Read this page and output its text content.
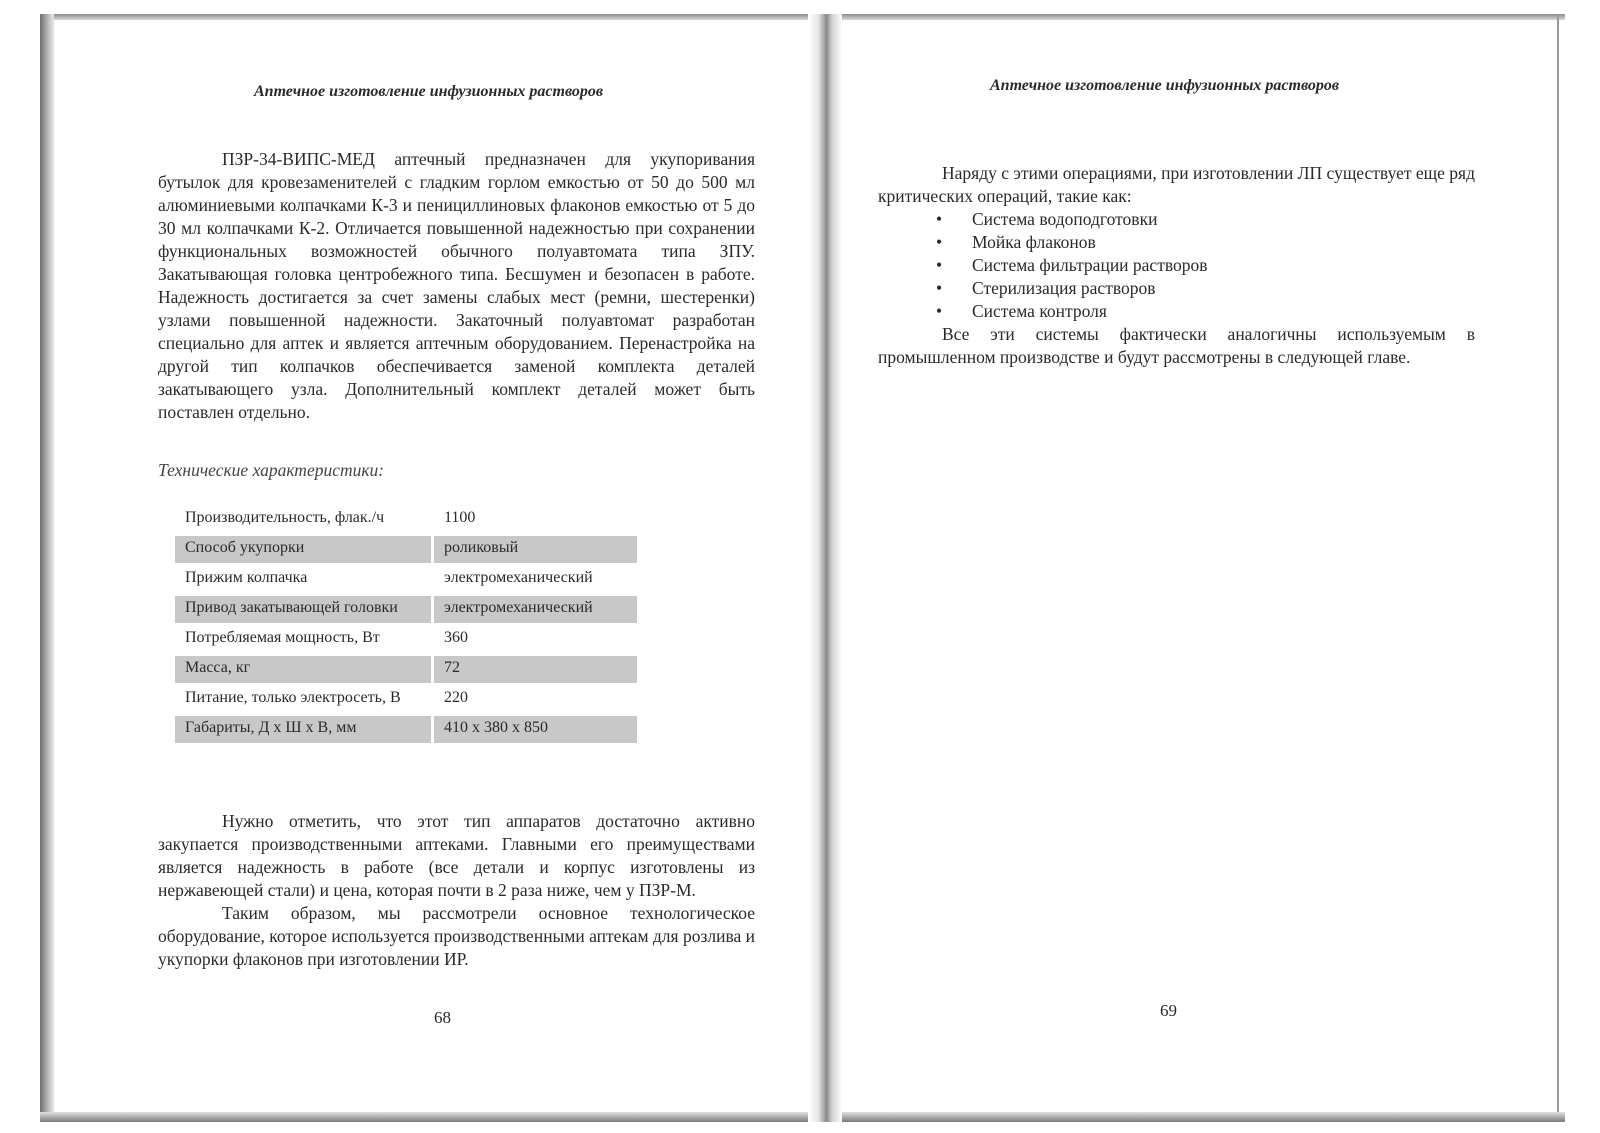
Аптечное изготовление инфузионных растворов

ПЗР-34-ВИПС-МЕД аптечный предназначен для укупоривания бутылок для кровезаменителей с гладким горлом емкостью от 50 до 500 мл алюминиевыми колпачками К-3 и пенициллиновых флаконов емкостью от 5 до 30 мл колпачками К-2. Отличается повышенной надежностью при сохранении функциональных возможностей обычного полуавтомата типа ЗПУ. Закатывающая головка центробежного типа. Бесшумен и безопасен в работе. Надежность достигается за счет замены слабых мест (ремни, шестеренки) узлами повышенной надежности. Закаточный полуавтомат разработан специально для аптек и является аптечным оборудованием. Перенастройка на другой тип колпачков обеспечивается заменой комплекта деталей закатывающего узла. Дополнительный комплект деталей может быть поставлен отдельно.

Технические характеристики:
Производительность, флак./ч	1100
Способ укупорки	роликовый
Прижим колпачка	электромеханический
Привод закатывающей головки	электромеханический
Потребляемая мощность, Вт	360
Масса, кг	72
Питание, только электросеть, В	220
Габариты, Д х Ш х В, мм	410 х 380 х 850

Нужно отметить, что этот тип аппаратов достаточно активно закупается производственными аптеками. Главными его преимуществами является надежность в работе (все детали и корпус изготовлены из нержавеющей стали) и цена, которая почти в 2 раза ниже, чем у ПЗР-М.

Таким образом, мы рассмотрели основное технологическое оборудование, которое используется производственными аптекам для розлива и укупорки флаконов при изготовлении ИР.

68
Аптечное изготовление инфузионных растворов

Наряду с этими операциями, при изготовлении ЛП существует еще ряд критических операций, такие как:

• Система водоподготовки
• Мойка флаконов
• Система фильтрации растворов
• Стерилизация растворов
• Система контроля

Все эти системы фактически аналогичны используемым в промышленном производстве и будут рассмотрены в следующей главе.

69
